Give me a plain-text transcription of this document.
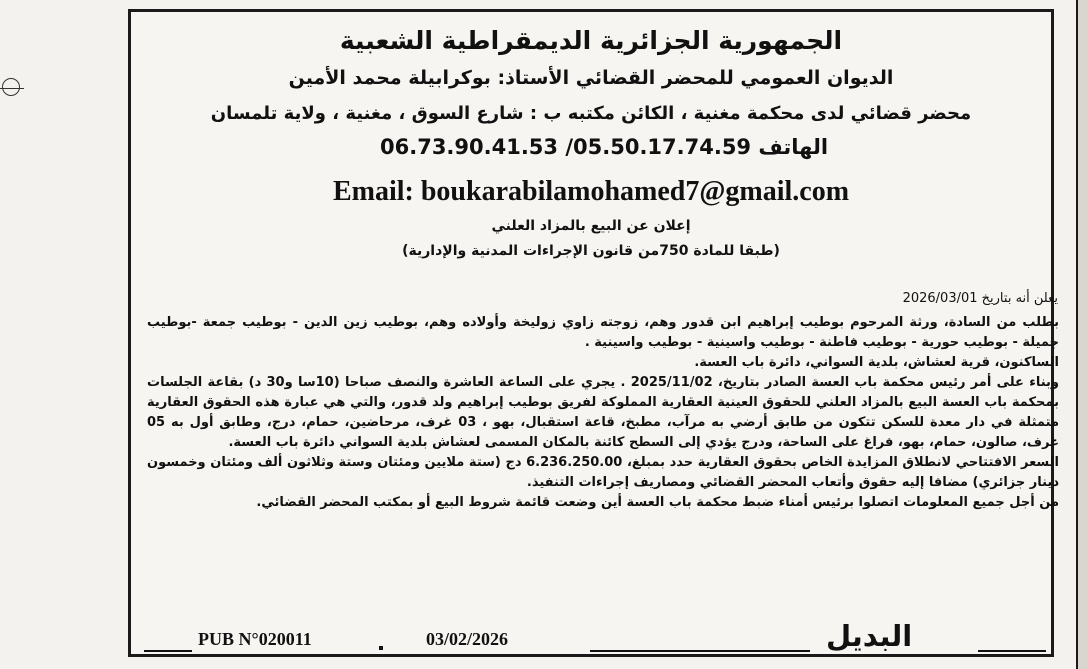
الجمهورية الجزائرية الديمقراطية الشعبية
الديوان العمومي للمحضر القضائي الأستاذ: بوكرابيلة محمد الأمين
محضر قضائي لدى محكمة مغنية ، الكائن مكتبه ب : شارع السوق ، مغنية ، ولاية تلمسان
الهاتف 05.50.17.74.59/ 06.73.90.41.53
Email: boukarabilamohamed7@gmail.com
إعلان عن البيع بالمزاد العلني
(طبقا للمادة 750من قانون الإجراءات المدنية والإدارية)
يعلن أنه بتاريخ 2026/03/01

بطلب من السادة، ورثة المرحوم بوطيب إبراهيم ابن قدور وهم، زوجته زاوي زوليخة وأولاده وهم، بوطيب زين الدين - بوطيب جمعة -بوطيب جميلة - بوطيب حورية - بوطيب فاطنة - بوطيب واسينية - بوطيب واسينية .

الساكنون، قرية لعشاش، بلدية السواني، دائرة باب العسة.

وبناء على أمر رئيس محكمة باب العسة الصادر بتاريخ، 2025/11/02 . يجري على الساعة العاشرة والنصف صباحا (10سا و30 د) بقاعة الجلسات بمحكمة باب العسة البيع بالمزاد العلني للحقوق العينية العقارية المملوكة لفريق بوطيب إبراهيم ولد قدور، والتي هي عبارة هذه الحقوق العقارية متمثلة في دار معدة للسكن تتكون من طابق أرضي به مرآب، مطبخ، قاعة استقبال، بهو ، 03 غرف، مرحاضين، حمام، درج، وطابق أول به 05 غرف، صالون، حمام، بهو، فراغ على الساحة، ودرج يؤدي إلى السطح كائنة بالمكان المسمى لعشاش بلدية السواني دائرة باب العسة.

السعر الافتتاحي لانطلاق المزايدة الخاص بحقوق العقارية حدد بمبلغ، 6.236.250.00 دج (ستة ملايين ومئتان وستة وثلاثون ألف ومئتان وخمسون دينار جزائري) مضافا إليه حقوق وأتعاب المحضر القضائي ومصاريف إجراءات التنفيذ.

من أجل جميع المعلومات اتصلوا برئيس أمناء ضبط محكمة باب العسة أين وضعت قائمة شروط البيع أو بمكتب المحضر القضائي.

PUB N°020011	03/02/2026	البديل
